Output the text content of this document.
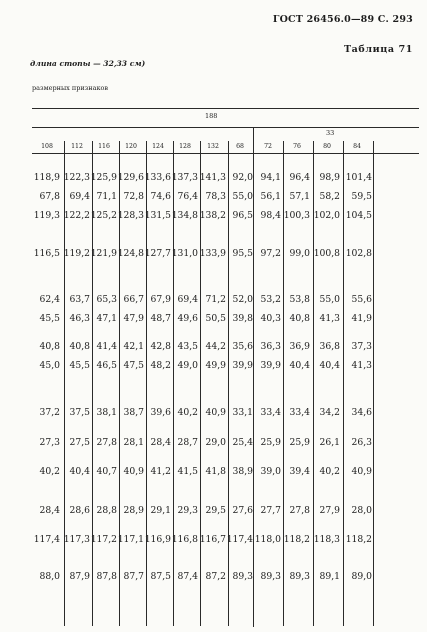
ГОСТ 26456.0—89 С. 293
Таблица 71
длина стопы — 32,33 см)
размерных признаков
188
33
108	112	116	120	124	128	132	68	72	76	80	84
118,9 122,3 125,9 129,6 133,6 137,3 141,3 92,0 94,1 96,4	98,9 101,4
67,8	69,4 71,1 72,8 74,6 76,4 78,3 55,0 56,1 57,1	58,2	59,5
119,3 122,2 125,2 128,3 131,5 134,8 138,2 96,5 98,4 100,3 102,0 104,5
116,5 119,2 121,9 124,8 127,7 131,0 133,9 95,5 97,2 99,0 100,8 102,8
62,4	63,7 65,3 66,7 67,9 69,4 71,2 52,0 53,2 53,8	55,0	55,6
45,5	46,3 47,1 47,9 48,7 49,6 50,5 39,8 40,3 40,8	41,3	41,9
40,8	40,8 41,4 42,1 42,8 43,5 44,2 35,6 36,3 36,9	36,8	37,3
45,0	45,5 46,5 47,5 48,2 49,0 49,9 39,9 39,9 40,4	40,4	41,3
37,2	37,5 38,1 38,7 39,6 40,2 40,9 33,1 33,4 33,4	34,2	34,6
27,3	27,5 27,8 28,1 28,4 28,7 29,0 25,4 25,9 25,9	26,1	26,3
40,2	40,4 40,7 40,9 41,2 41,5 41,8 38,9 39,0 39,4	40,2	40,9
28,4	28,6 28,8 28,9 29,1 29,3 29,5 27,6 27,7 27,8	27,9	28,0
117,4 117,3 117,2 117,1 116,9 116,8 116,7 117,4 118,0 118,2 118,3 118,2
88,0	87,9 87,8 87,7 87,5 87,4 87,2 89,3 89,3 89,3	89,1	89,0
